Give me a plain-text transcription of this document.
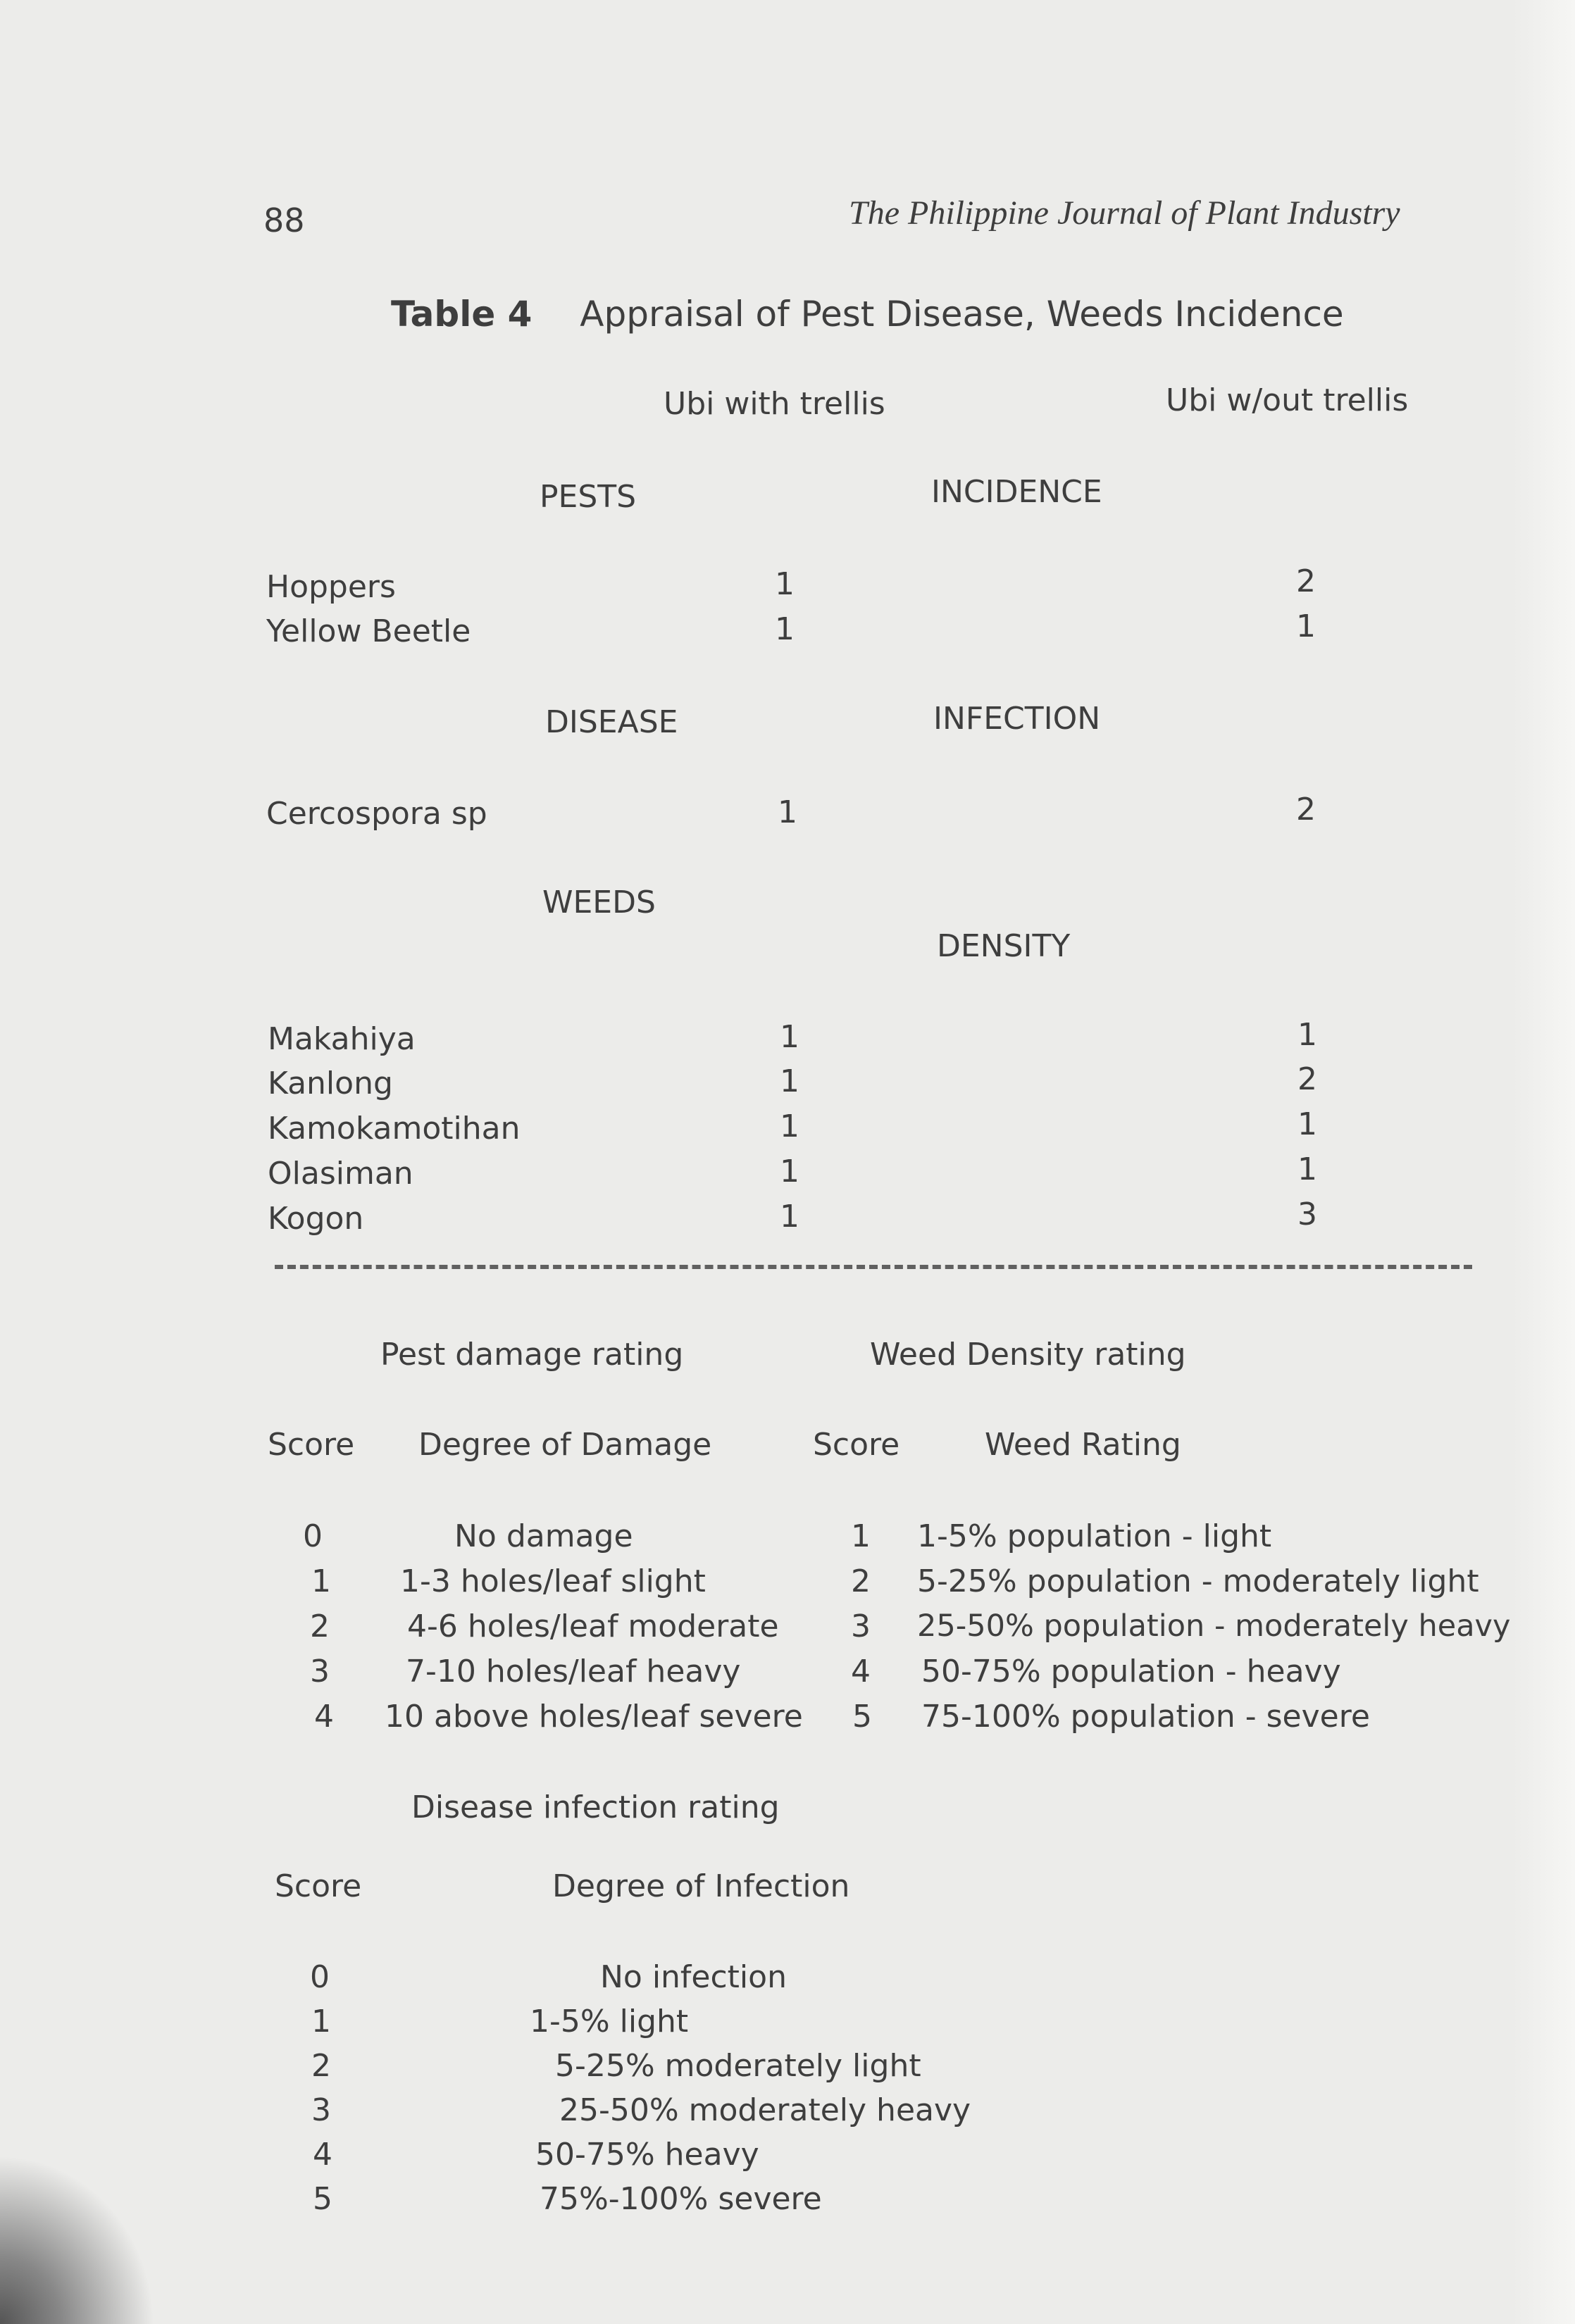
88	The Philippine Journal of Plant Industry
Table 4 Appraisal of Pest Disease, Weeds Incidence
Ubi with trellis	Ubi w/out trellis
PESTS	INCIDENCE
Hoppers	1	2
Yellow Beetle	1	1
DISEASE	INFECTION
Cercospora sp	1	2
WEEDS
DENSITY
Makahiya	1	1
Kanlong	1	2
Kamokamotihan	1	1
Olasiman	1	1
Kogon	1	3
Pest damage rating
Score Degree of Damage
0	No damage
1 1-3 holes/leaf slight
2	4-6 holes/leaf moderate
3 7-10 holes/leaf heavy
4 10 above holes/leaf severe
Weed Density rating
Score	Weed Rating
1 1-5% population - light
2 5-25% population - moderately light
3 25-50% population - moderately heavy
4 50-75% population - heavy
5 75-100% population - severe
Disease infection rating
Score	Degree of Infection
0	No infection
1	1-5% light
2	5-25% moderately light
3	25-50% moderately heavy
4	50-75% heavy
5	75%-100% severe
